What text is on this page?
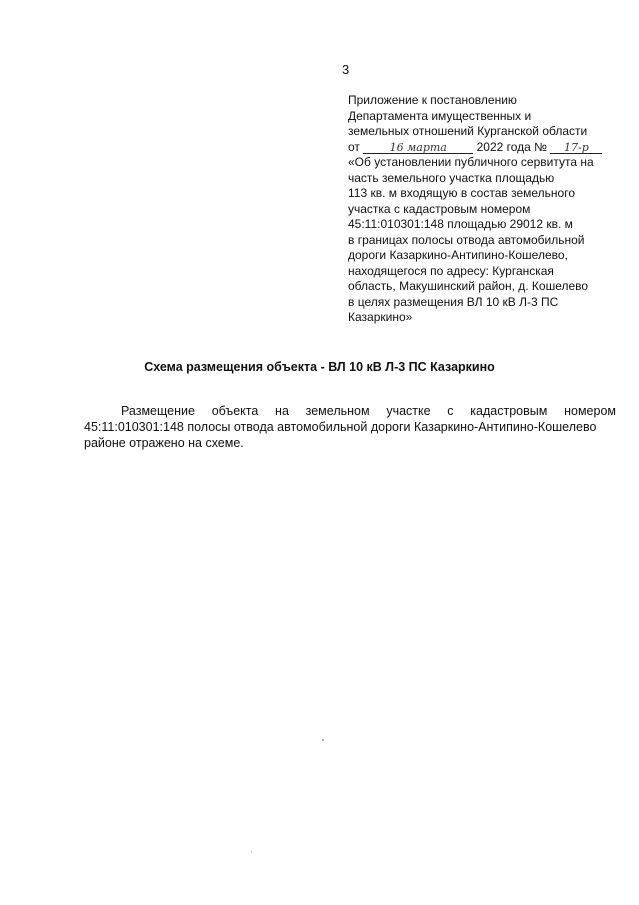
3
Приложение к постановлению
Департамента имущественных и
земельных отношений Курганской области
от	16 марта 2022 года № 17-р
«Об установлении публичного сервитута на
часть земельного участка площадью
113 кв. м входящую в состав земельного
участка с кадастровым номером
45:11:010301:148 площадью 29012 кв. м
в границах полосы отвода автомобильной
дороги Казаркино-Антипино-Кошелево,
находящегося по адресу: Курганская
область, Макушинский район, д. Кошелево
в целях размещения ВЛ 10 кВ Л-3 ПС
Казаркино»
Схема размещения объекта - ВЛ 10 кВ Л-3 ПС Казаркино
Размещение объекта на земельном участке с кадастровым номером
45:11:010301:148 полосы отвода автомобильной дороги Казаркино-Антипино-Кошелево
районе отражено на схеме.
